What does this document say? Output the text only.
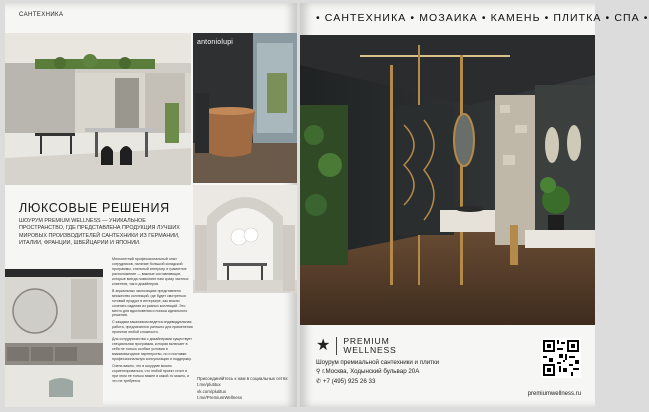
САНТЕХНИКА
antoniolupi
ЛЮКСОВЫЕ РЕШЕНИЯ
ШОУРУМ PREMIUM WELLNESS — УНИКАЛЬНОЕ ПРОСТРАНСТВО, ГДЕ ПРЕДСТАВЛЕНА ПРОДУКЦИЯ ЛУЧШИХ МИРОВЫХ ПРОИЗВОДИТЕЛЕЙ САНТЕХНИКИ ИЗ ГЕРМАНИИ, ИТАЛИИ, ФРАНЦИИ, ШВЕЙЦАРИИ И ЯПОНИИ.

Многолетний профессиональный опыт сотрудников, наличие большой складской программы, стильный интерьер и грамотное расположение — важные составляющие, которые всегда позволяют нам сразу частных клиентов, так и дизайнеров.

В зеркальных экспозициях представлено множество коллекций, где будет смотреться готовый продукт в интерьере, как можно сочетать изделия из разных коллекций. Это место для вдохновения и поиска идеального решения.

С каждым заказчиком ведется индивидуальная работа, предлагаются успешно для применения проектов любой сложности.

Для сотрудничества с дизайнерами существует специальная программа, которая включает в себя не только особые условия и взаимовыгодное партнерство, но и поставки профессиональную консультацию и поддержку.

Очень важно, что в шоуруме можно сориентироваться, что любой проект стоит и при этом не только важен и какой-то можно, и что не требуется.	Присоединяйтесь к нам в социальных сетях:
t.me/plutitux
vk.com/plutitux
t.me/PremiumWellness
• САНТЕХНИКА • МОЗАИКА • КАМЕНЬ • ПЛИТКА • СПА •
★ PREMIUM
WELLNESS
Шоурум премиальной сантехники и плитки
⚲ г.Москва, Ходынский бульвар 20А
✆ +7 (495) 925 26 33
premiumwellness.ru
